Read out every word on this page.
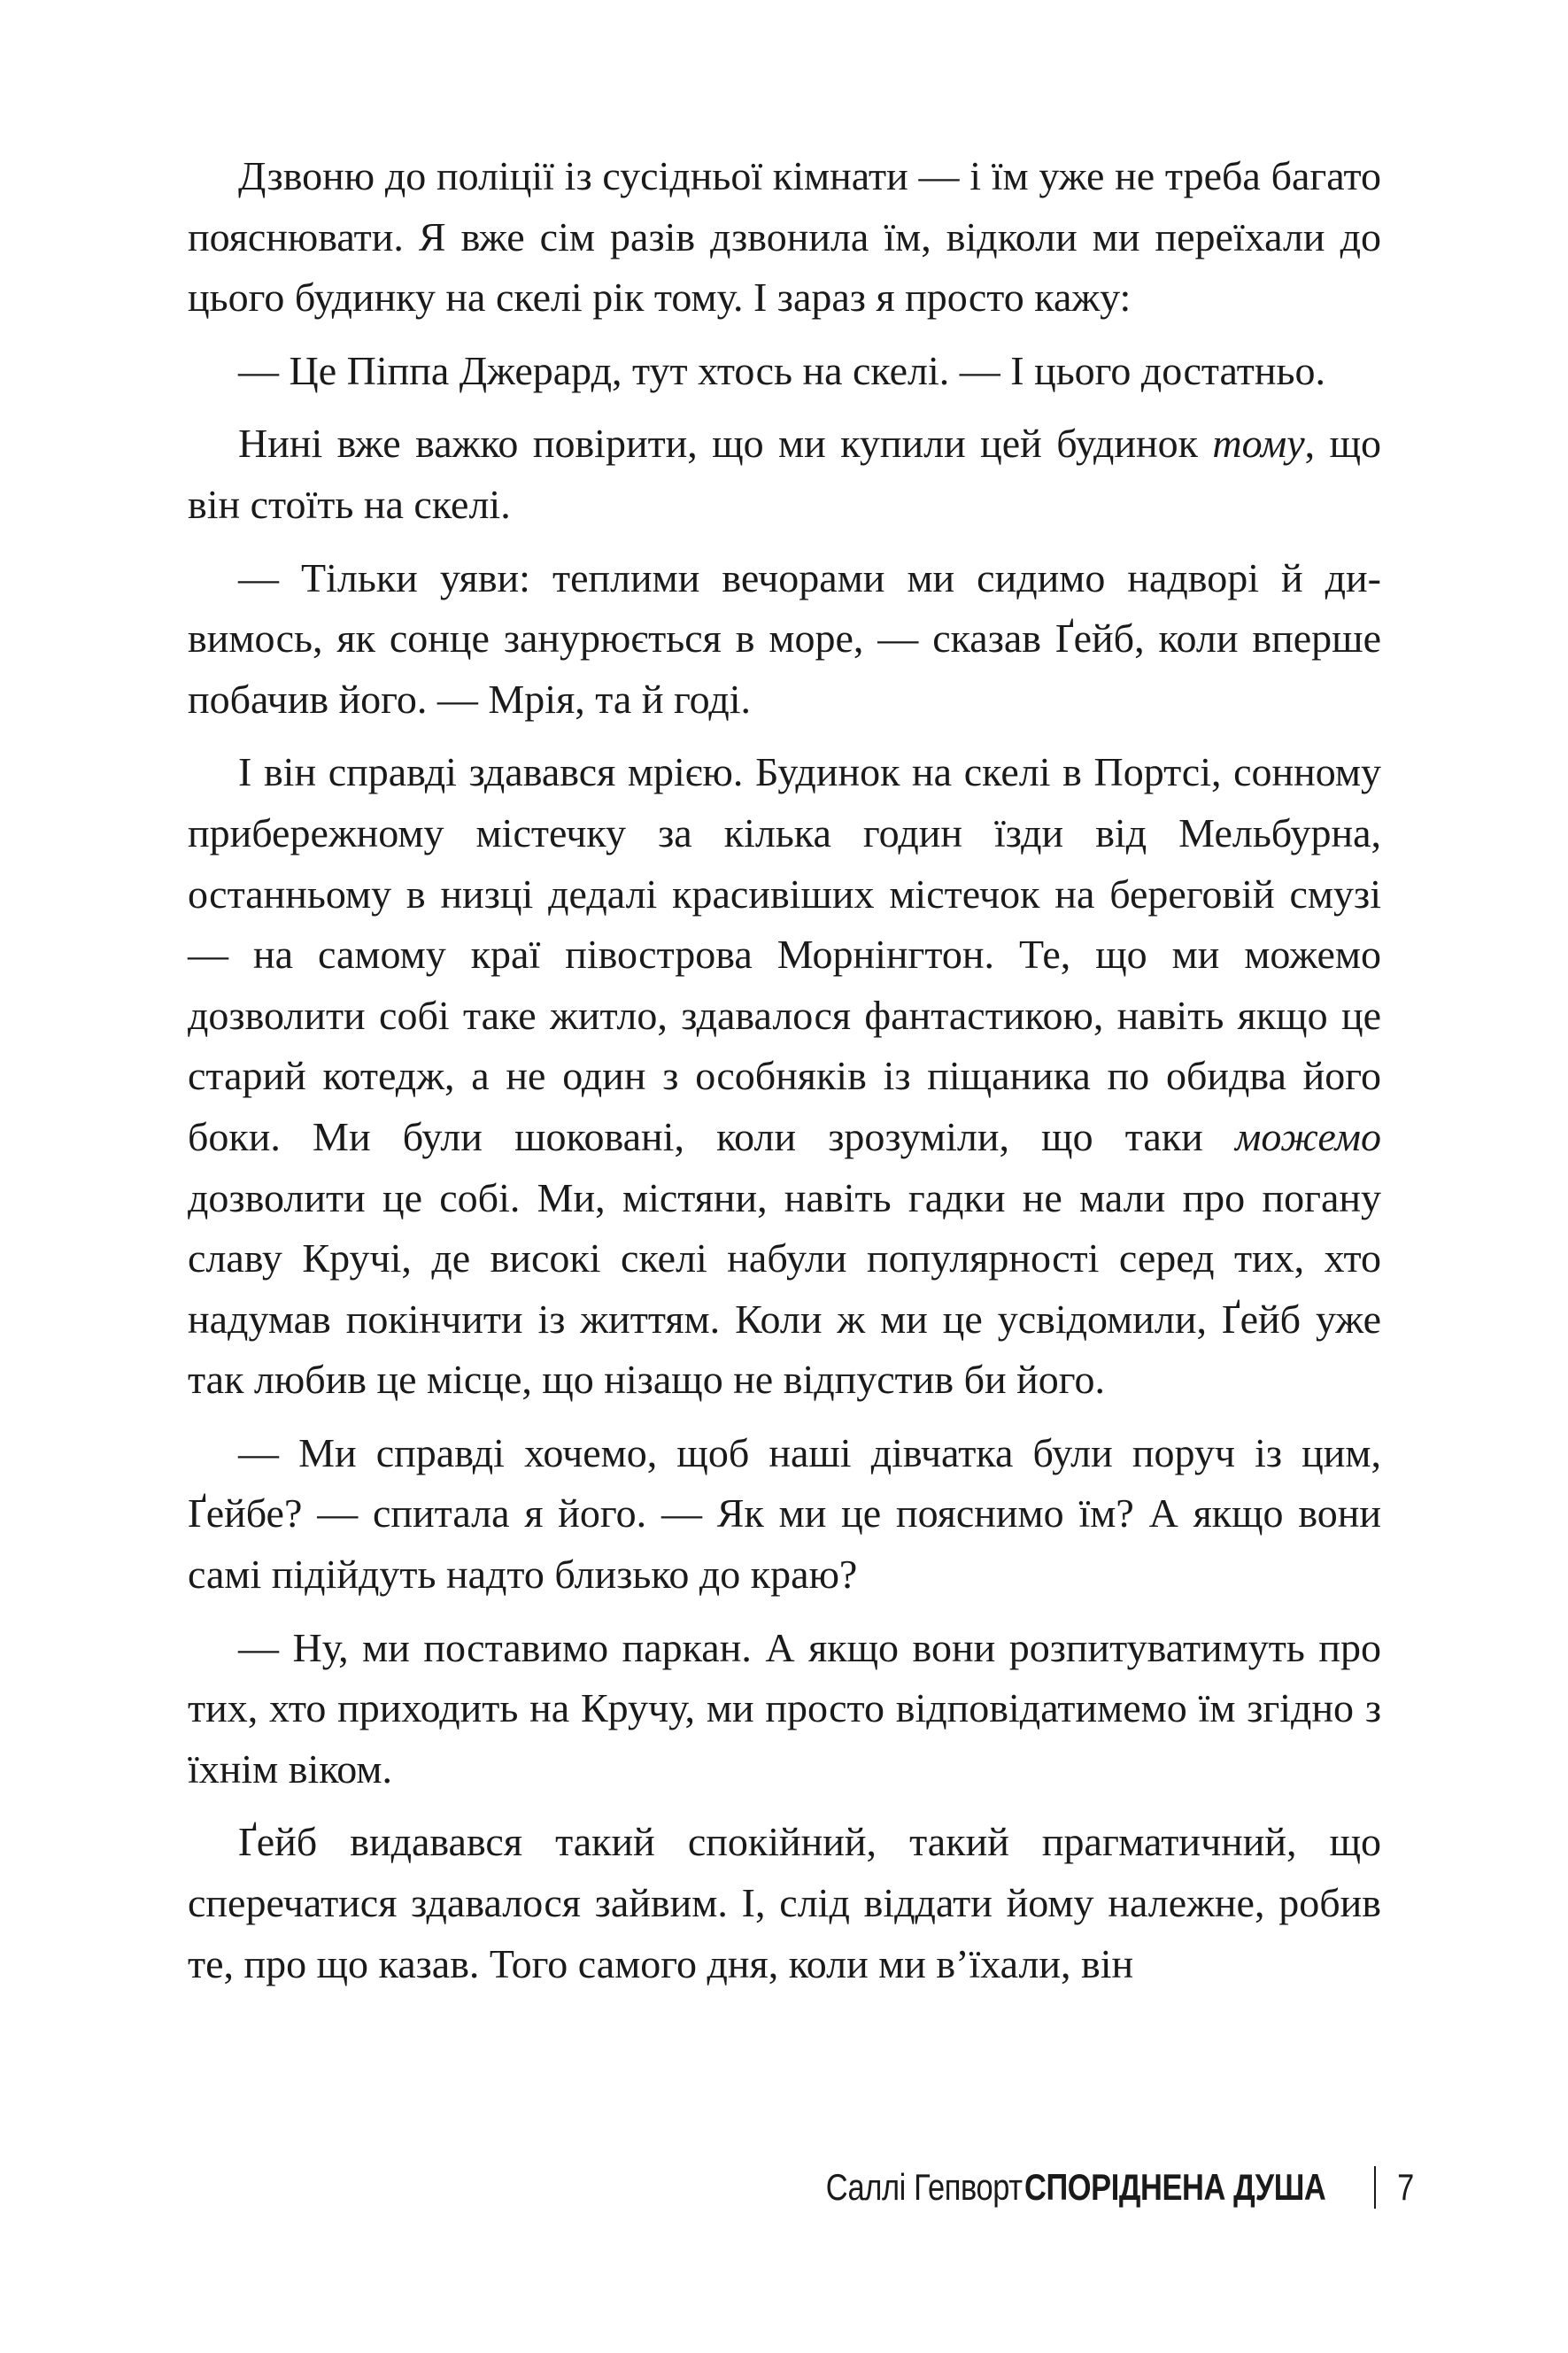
Дзвоню до поліції із сусідньої кімнати — і їм уже не треба багато пояснювати. Я вже сім разів дзвонила їм, відколи ми переїхали до цього будинку на скелі рік тому. І зараз я просто кажу:

— Це Піппа Джерард, тут хтось на скелі. — І цього достатньо.

Нині вже важко повірити, що ми купили цей будинок тому, що він стоїть на скелі.

— Тільки уяви: теплими вечорами ми сидимо надворі й дивимось, як сонце занурюється в море, — сказав Ґейб, коли вперше побачив його. — Мрія, та й годі.

І він справді здавався мрією. Будинок на скелі в Портсі, сонному прибережному містечку за кілька годин їзди від Мельбурна, останньому в низці дедалі красивіших містечок на береговій смузі — на самому краї півострова Морнінгтон. Те, що ми можемо дозволити собі таке житло, здавалося фантастикою, навіть якщо це старий котедж, а не один з особняків із піщаника по обидва його боки. Ми були шоковані, коли зрозуміли, що таки можемо дозволити це собі. Ми, містяни, навіть гадки не мали про погану славу Кручі, де високі скелі набули популярності серед тих, хто надумав покінчити із життям. Коли ж ми це усвідомили, Ґейб уже так любив це місце, що нізащо не відпустив би його.

— Ми справді хочемо, щоб наші дівчатка були поруч із цим, Ґейбе? — спитала я його. — Як ми це пояснимо їм? А якщо вони самі підійдуть надто близько до краю?

— Ну, ми поставимо паркан. А якщо вони розпитуватимуть про тих, хто приходить на Кручу, ми просто відповідатимемо їм згідно з їхнім віком.

Ґейб видавався такий спокійний, такий прагматичний, що сперечатися здавалося зайвим. І, слід віддати йому належне, робив те, про що казав. Того самого дня, коли ми в’їхали, він

Саллі Гепворт СПОРІДНЕНА ДУША 7
